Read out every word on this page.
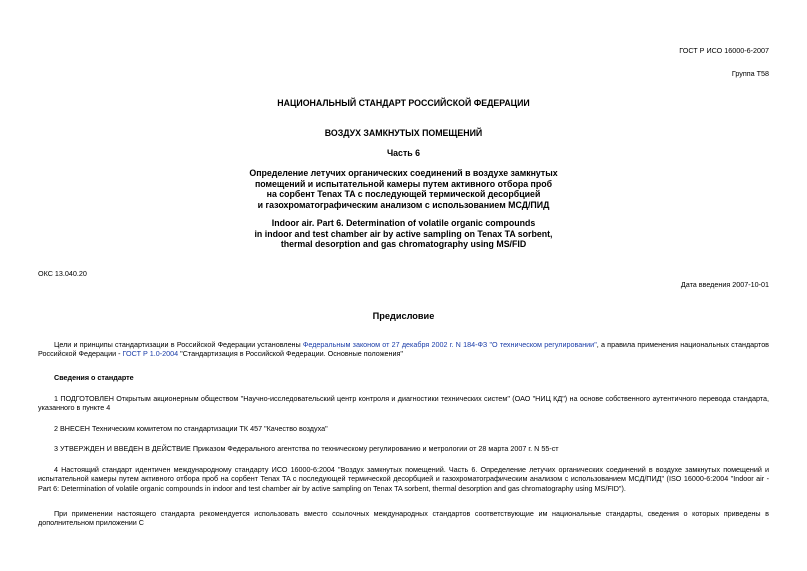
ГОСТ Р ИСО 16000-6-2007
Группа Т58
НАЦИОНАЛЬНЫЙ СТАНДАРТ РОССИЙСКОЙ ФЕДЕРАЦИИ
ВОЗДУХ ЗАМКНУТЫХ ПОМЕЩЕНИЙ
Часть 6
Определение летучих органических соединений в воздухе замкнутых
помещений и испытательной камеры путем активного отбора проб
на сорбент Tenax TA с последующей термической десорбцией
и газохроматографическим анализом с использованием МСД/ПИД
Indoor air. Part 6. Determination of volatile organic compounds
in indoor and test chamber air by active sampling on Tenax TA sorbent,
thermal desorption and gas chromatography using MS/FID
ОКС 13.040.20
Дата введения 2007-10-01
Предисловие
Цели и принципы стандартизации в Российской Федерации установлены Федеральным законом от 27 декабря 2002 г. N 184-ФЗ "О техническом регулировании", а правила применения национальных стандартов Российской Федерации - ГОСТ Р 1.0-2004 "Стандартизация в Российской Федерации. Основные положения"
Сведения о стандарте
1 ПОДГОТОВЛЕН Открытым акционерным обществом "Научно-исследовательский центр контроля и диагностики технических систем" (ОАО "НИЦ КД") на основе собственного аутентичного перевода стандарта, указанного в пункте 4
2 ВНЕСЕН Техническим комитетом по стандартизации ТК 457 "Качество воздуха"
3 УТВЕРЖДЕН И ВВЕДЕН В ДЕЙСТВИЕ Приказом Федерального агентства по техническому регулированию и метрологии от 28 марта 2007 г. N 55-ст
4 Настоящий стандарт идентичен международному стандарту ИСО 16000-6:2004 "Воздух замкнутых помещений. Часть 6. Определение летучих органических соединений в воздухе замкнутых помещений и испытательной камеры путем активного отбора проб на сорбент Tenax TA с последующей термической десорбцией и газохроматографическим анализом с использованием МСД/ПИД" (ISO 16000-6:2004 "Indoor air - Part 6: Determination of volatile organic compounds in indoor and test chamber air by active sampling on Tenax TA sorbent, thermal desorption and gas chromatography using MS/FID").
При применении настоящего стандарта рекомендуется использовать вместо ссылочных международных стандартов соответствующие им национальные стандарты, сведения о которых приведены в дополнительном приложении С
